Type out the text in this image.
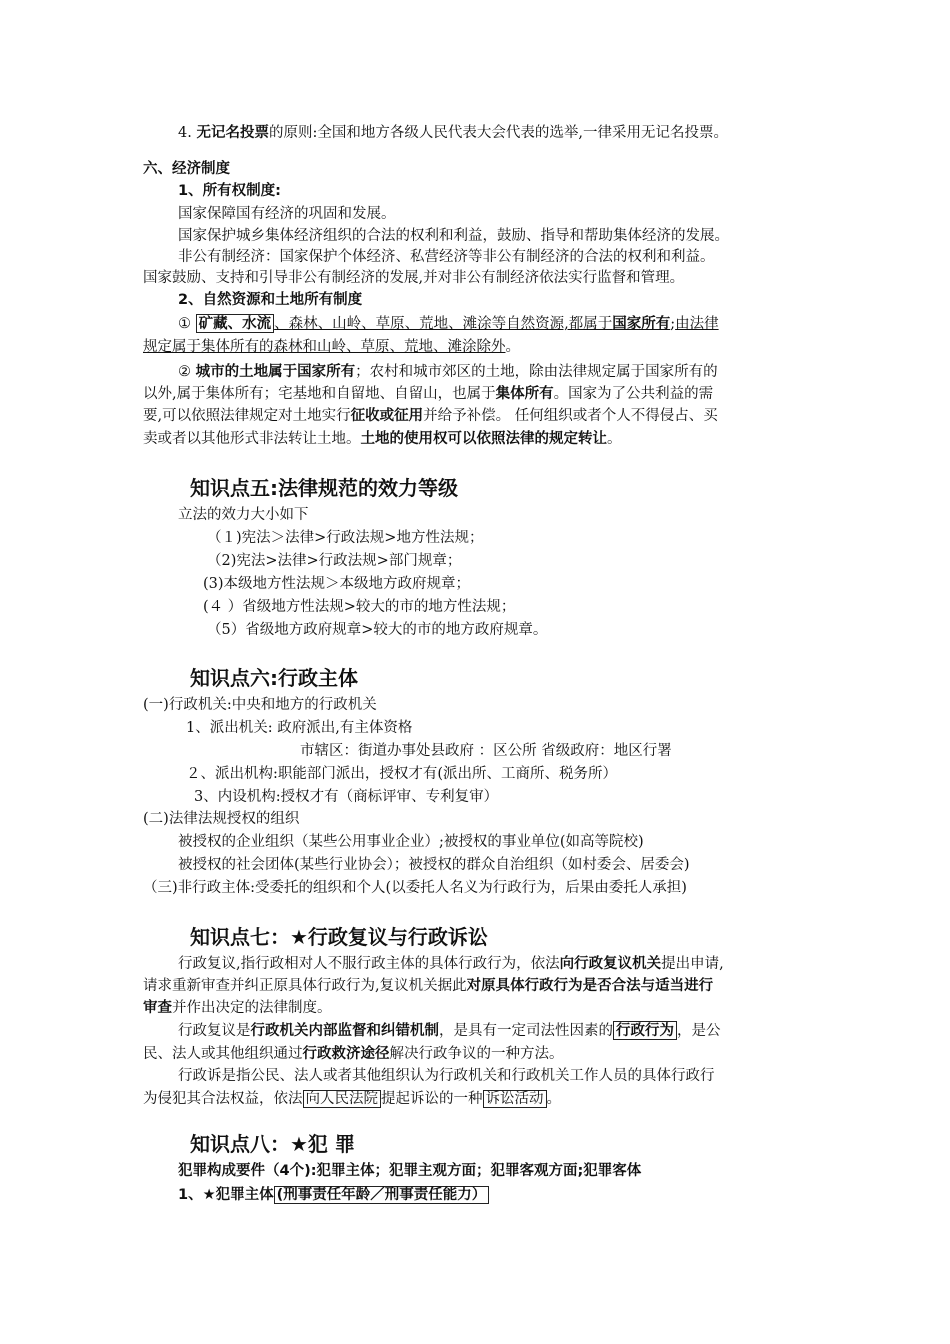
4. 无记名投票的原则:全国和地方各级人民代表大会代表的选举,一律采用无记名投票。
六、经济制度
1、所有权制度:
国家保障国有经济的巩固和发展。
国家保护城乡集体经济组织的合法的权利和利益，鼓励、指导和帮助集体经济的发展。
非公有制经济：国家保护个体经济、私营经济等非公有制经济的合法的权利和利益。
国家鼓励、支持和引导非公有制经济的发展,并对非公有制经济依法实行监督和管理。
2、自然资源和土地所有制度
① 矿藏、水流 、森林、山岭、草原、荒地、滩涂等自然资源,都属于国家所有;由法律
规定属于集体所有的森林和山岭、草原、荒地、滩涂除外。
② 城市的土地属于国家所有；农村和城市郊区的土地，除由法律规定属于国家所有的
以外,属于集体所有；宅基地和自留地、自留山，也属于集体所有。国家为了公共利益的需
要,可以依照法律规定对土地实行征收或征用并给予补偿。 任何组织或者个人不得侵占、买
卖或者以其他形式非法转让土地。土地的使用权可以依照法律的规定转让。
知识点五:法律规范的效力等级
立法的效力大小如下
（１)宪法＞法律>行政法规>地方性法规；
（2)宪法>法律>行政法规>部门规章；
(3)本级地方性法规＞本级地方政府规章；
(４ ）省级地方性法规>较大的市的地方性法规；
（5）省级地方政府规章>较大的市的地方政府规章。
知识点六:行政主体
(一)行政机关:中央和地方的行政机关
1、派出机关: 政府派出,有主体资格
市辖区：街道办事处县政府 ：区公所 省级政府：地区行署
２、派出机构:职能部门派出，授权才有(派出所、工商所、税务所）
3、内设机构:授权才有（商标评审、专利复审）
(二)法律法规授权的组织
被授权的企业组织（某些公用事业企业）;被授权的事业单位(如高等院校)
被授权的社会团体(某些行业协会）；被授权的群众自治组织（如村委会、居委会)
（三)非行政主体:受委托的组织和个人(以委托人名义为行政行为，后果由委托人承担)
知识点七：★行政复议与行政诉讼
行政复议,指行政相对人不服行政主体的具体行政行为，依法向行政复议机关提出申请,
请求重新审查并纠正原具体行政行为,复议机关据此对原具体行政行为是否合法与适当进行
审查并作出决定的法律制度。
行政复议是行政机关内部监督和纠错机制，是具有一定司法性因素的 行政行为 ，是公
民、法人或其他组织通过行政救济途径解决行政争议的一种方法。
行政诉是指公民、法人或者其他组织认为行政机关和行政机关工作人员的具体行政行
为侵犯其合法权益，依法 向人民法院 提起诉讼的一种 诉讼活动 。
知识点八：★犯 罪
犯罪构成要件（4个):犯罪主体；犯罪主观方面；犯罪客观方面;犯罪客体
1、★犯罪主体 (刑事责任年龄／刑事责任能力）
